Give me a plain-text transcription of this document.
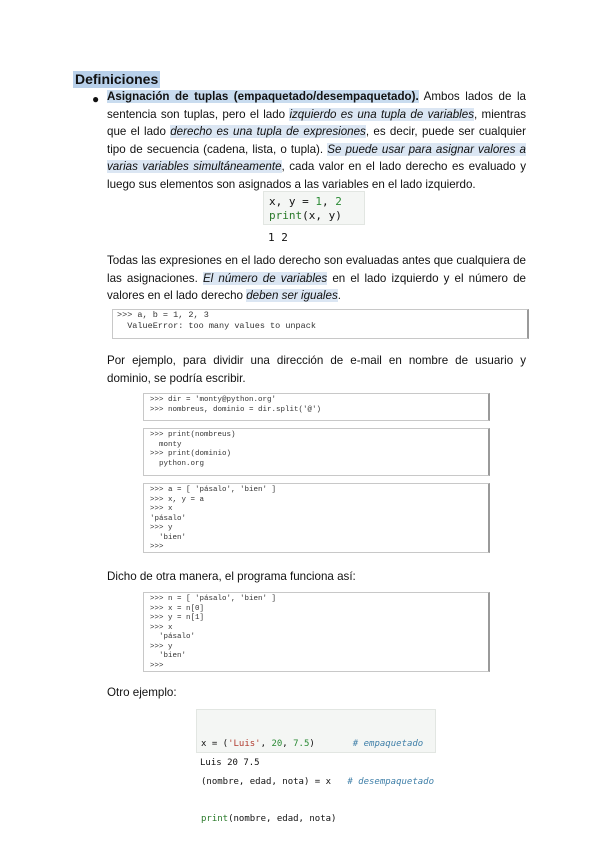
Definiciones
● Asignación de tuplas (empaquetado/desempaquetado). Ambos lados de la sentencia son tuplas, pero el lado izquierdo es una tupla de variables, mientras que el lado derecho es una tupla de expresiones, es decir, puede ser cualquier tipo de secuencia (cadena, lista, o tupla). Se puede usar para asignar valores a varias variables simultáneamente, cada valor en el lado derecho es evaluado y luego sus elementos son asignados a las variables en el lado izquierdo.
x, y = 1, 2
print(x, y)
1 2
Todas las expresiones en el lado derecho son evaluadas antes que cualquiera de las asignaciones. El número de variables en el lado izquierdo y el número de valores en el lado derecho deben ser iguales.
>>> a, b = 1, 2, 3
ValueError: too many values to unpack
Por ejemplo, para dividir una dirección de e-mail en nombre de usuario y dominio, se podría escribir.
>>> dir = 'monty@python.org'
>>> nombreus, dominio = dir.split('@')
>>> print(nombreus)
monty
>>> print(dominio)
python.org
>>> a = [ 'pásalo', 'bien' ]
>>> x, y = a
>>> x
'pásalo'
>>> y
'bien'
>>>
Dicho de otra manera, el programa funciona así:
>>> n = [ 'pásalo', 'bien' ]
>>> x = n[0]
>>> y = n[1]
>>> x
'pásalo'
>>> y
'bien'
>>>
Otro ejemplo:

x = ('Luis', 20, 7.5)       # empaquetado

(nombre, edad, nota) = x   # desempaquetado

print(nombre, edad, nota)

Luis 20 7.5
